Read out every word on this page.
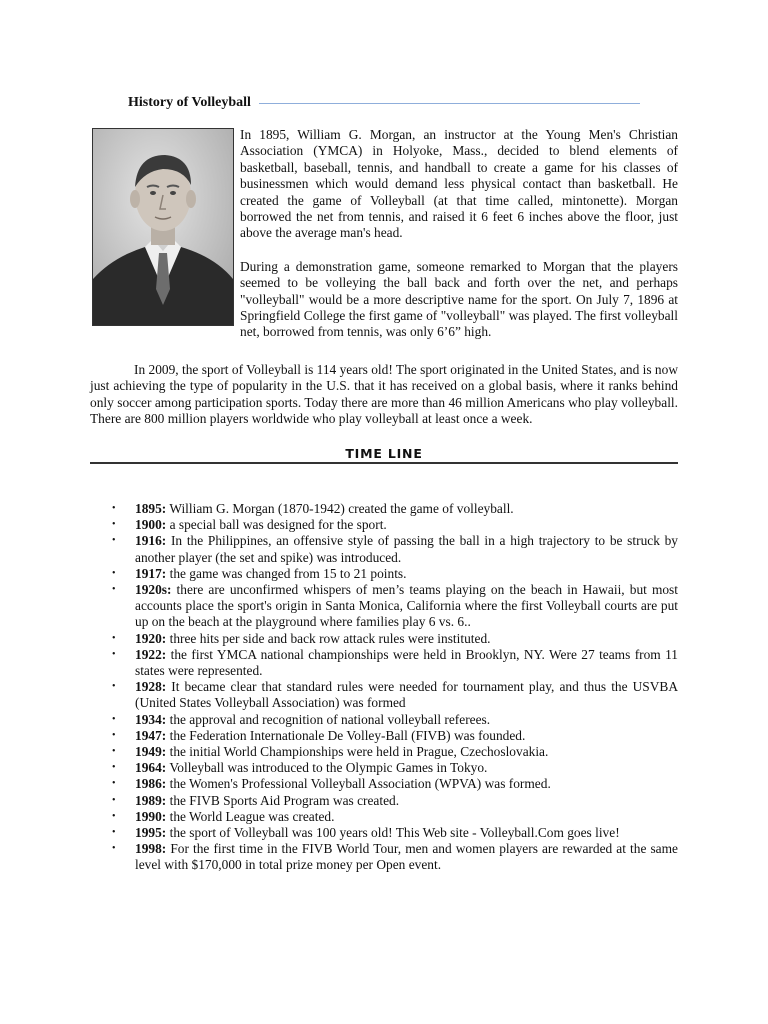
History of Volleyball

In 1895, William G. Morgan, an instructor at the Young Men's Christian Association (YMCA) in Holyoke, Mass., decided to blend elements of basketball, baseball, tennis, and handball to create a game for his classes of businessmen which would demand less physical contact than basketball. He created the game of Volleyball (at that time called, mintonette). Morgan borrowed the net from tennis, and raised it 6 feet 6 inches above the floor, just above the average man's head.

During a demonstration game, someone remarked to Morgan that the players seemed to be volleying the ball back and forth over the net, and perhaps "volleyball" would be a more descriptive name for the sport. On July 7, 1896 at Springfield College the first game of "volleyball" was played. The first volleyball net, borrowed from tennis, was only 6’6” high.

In 2009, the sport of Volleyball is 114 years old! The sport originated in the United States, and is now just achieving the type of popularity in the U.S. that it has received on a global basis, where it ranks behind only soccer among participation sports. Today there are more than 46 million Americans who play volleyball. There are 800 million players worldwide who play volleyball at least once a week.

TIME LINE
• 1895: William G. Morgan (1870-1942) created the game of volleyball.
• 1900: a special ball was designed for the sport.
• 1916: In the Philippines, an offensive style of passing the ball in a high trajectory to be struck by another player (the set and spike) was introduced.
• 1917: the game was changed from 15 to 21 points.
• 1920s: there are unconfirmed whispers of men’s teams playing on the beach in Hawaii, but most accounts place the sport's origin in Santa Monica, California where the first Volleyball courts are put up on the beach at the playground where families play 6 vs. 6..
• 1920: three hits per side and back row attack rules were instituted.
• 1922: the first YMCA national championships were held in Brooklyn, NY. Were 27 teams from 11 states were represented.
• 1928: It became clear that standard rules were needed for tournament play, and thus the USVBA (United States Volleyball Association) was formed
• 1934: the approval and recognition of national volleyball referees.
• 1947: the Federation Internationale De Volley-Ball (FIVB) was founded.
• 1949: the initial World Championships were held in Prague, Czechoslovakia.
• 1964: Volleyball was introduced to the Olympic Games in Tokyo.
• 1986: the Women's Professional Volleyball Association (WPVA) was formed.
• 1989: the FIVB Sports Aid Program was created.
• 1990: the World League was created.
• 1995: the sport of Volleyball was 100 years old! This Web site - Volleyball.Com goes live!
• 1998: For the first time in the FIVB World Tour, men and women players are rewarded at the same level with $170,000 in total prize money per Open event.
